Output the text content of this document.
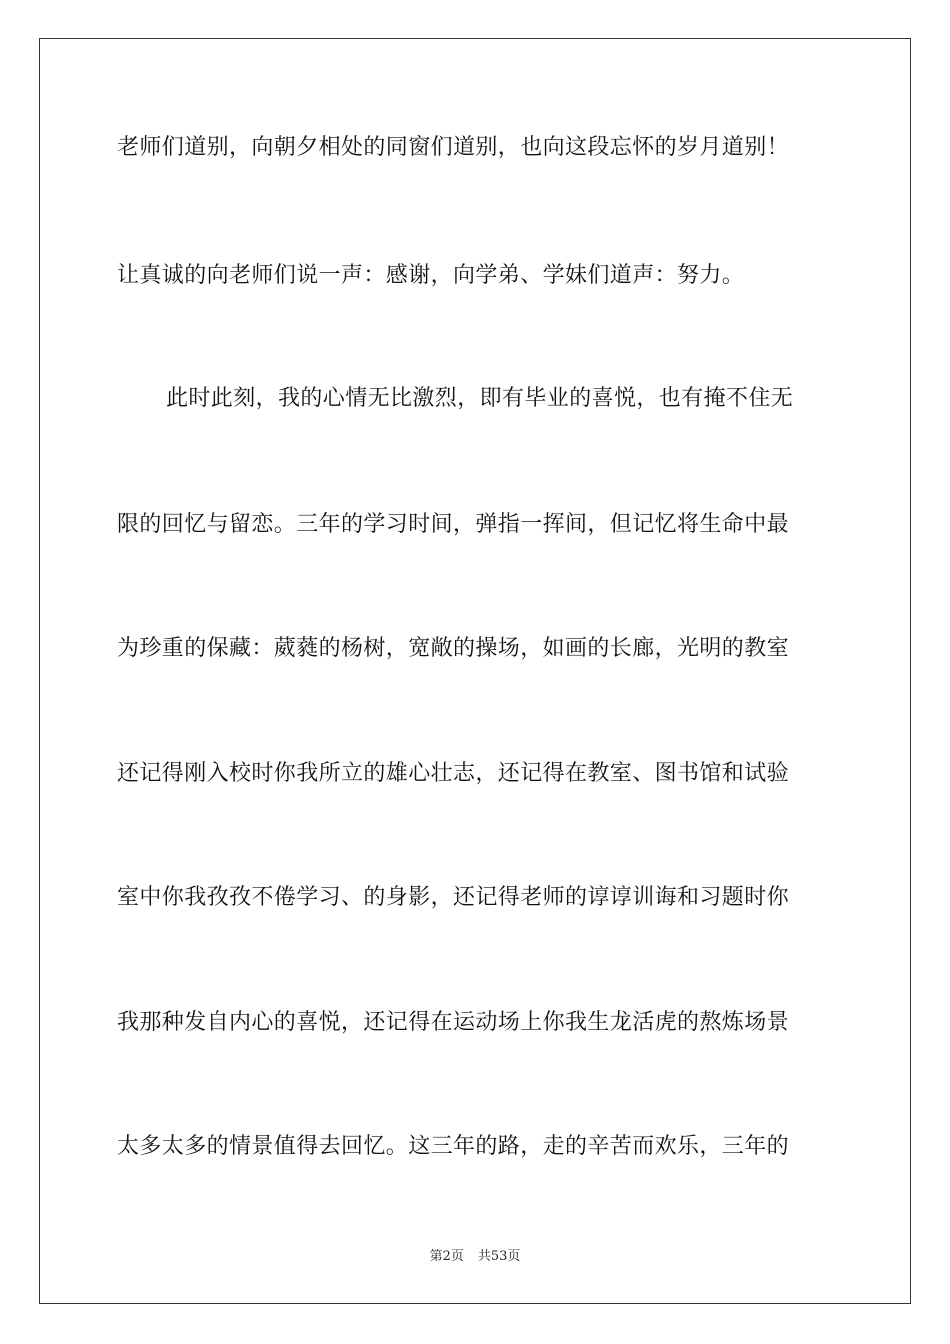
老师们道别，向朝夕相处的同窗们道别，也向这段忘怀的岁月道别！
让真诚的向老师们说一声：感谢，向学弟、学妹们道声：努力。
此时此刻，我的心情无比激烈，即有毕业的喜悦，也有掩不住无
限的回忆与留恋。三年的学习时间，弹指一挥间，但记忆将生命中最
为珍重的保藏：葳蕤的杨树，宽敞的操场，如画的长廊，光明的教室
还记得刚入校时你我所立的雄心壮志，还记得在教室、图书馆和试验
室中你我孜孜不倦学习、的身影，还记得老师的谆谆训诲和习题时你
我那种发自内心的喜悦，还记得在运动场上你我生龙活虎的熬炼场景
太多太多的情景值得去回忆。这三年的路，走的辛苦而欢乐，三年的
第2页 共53页
